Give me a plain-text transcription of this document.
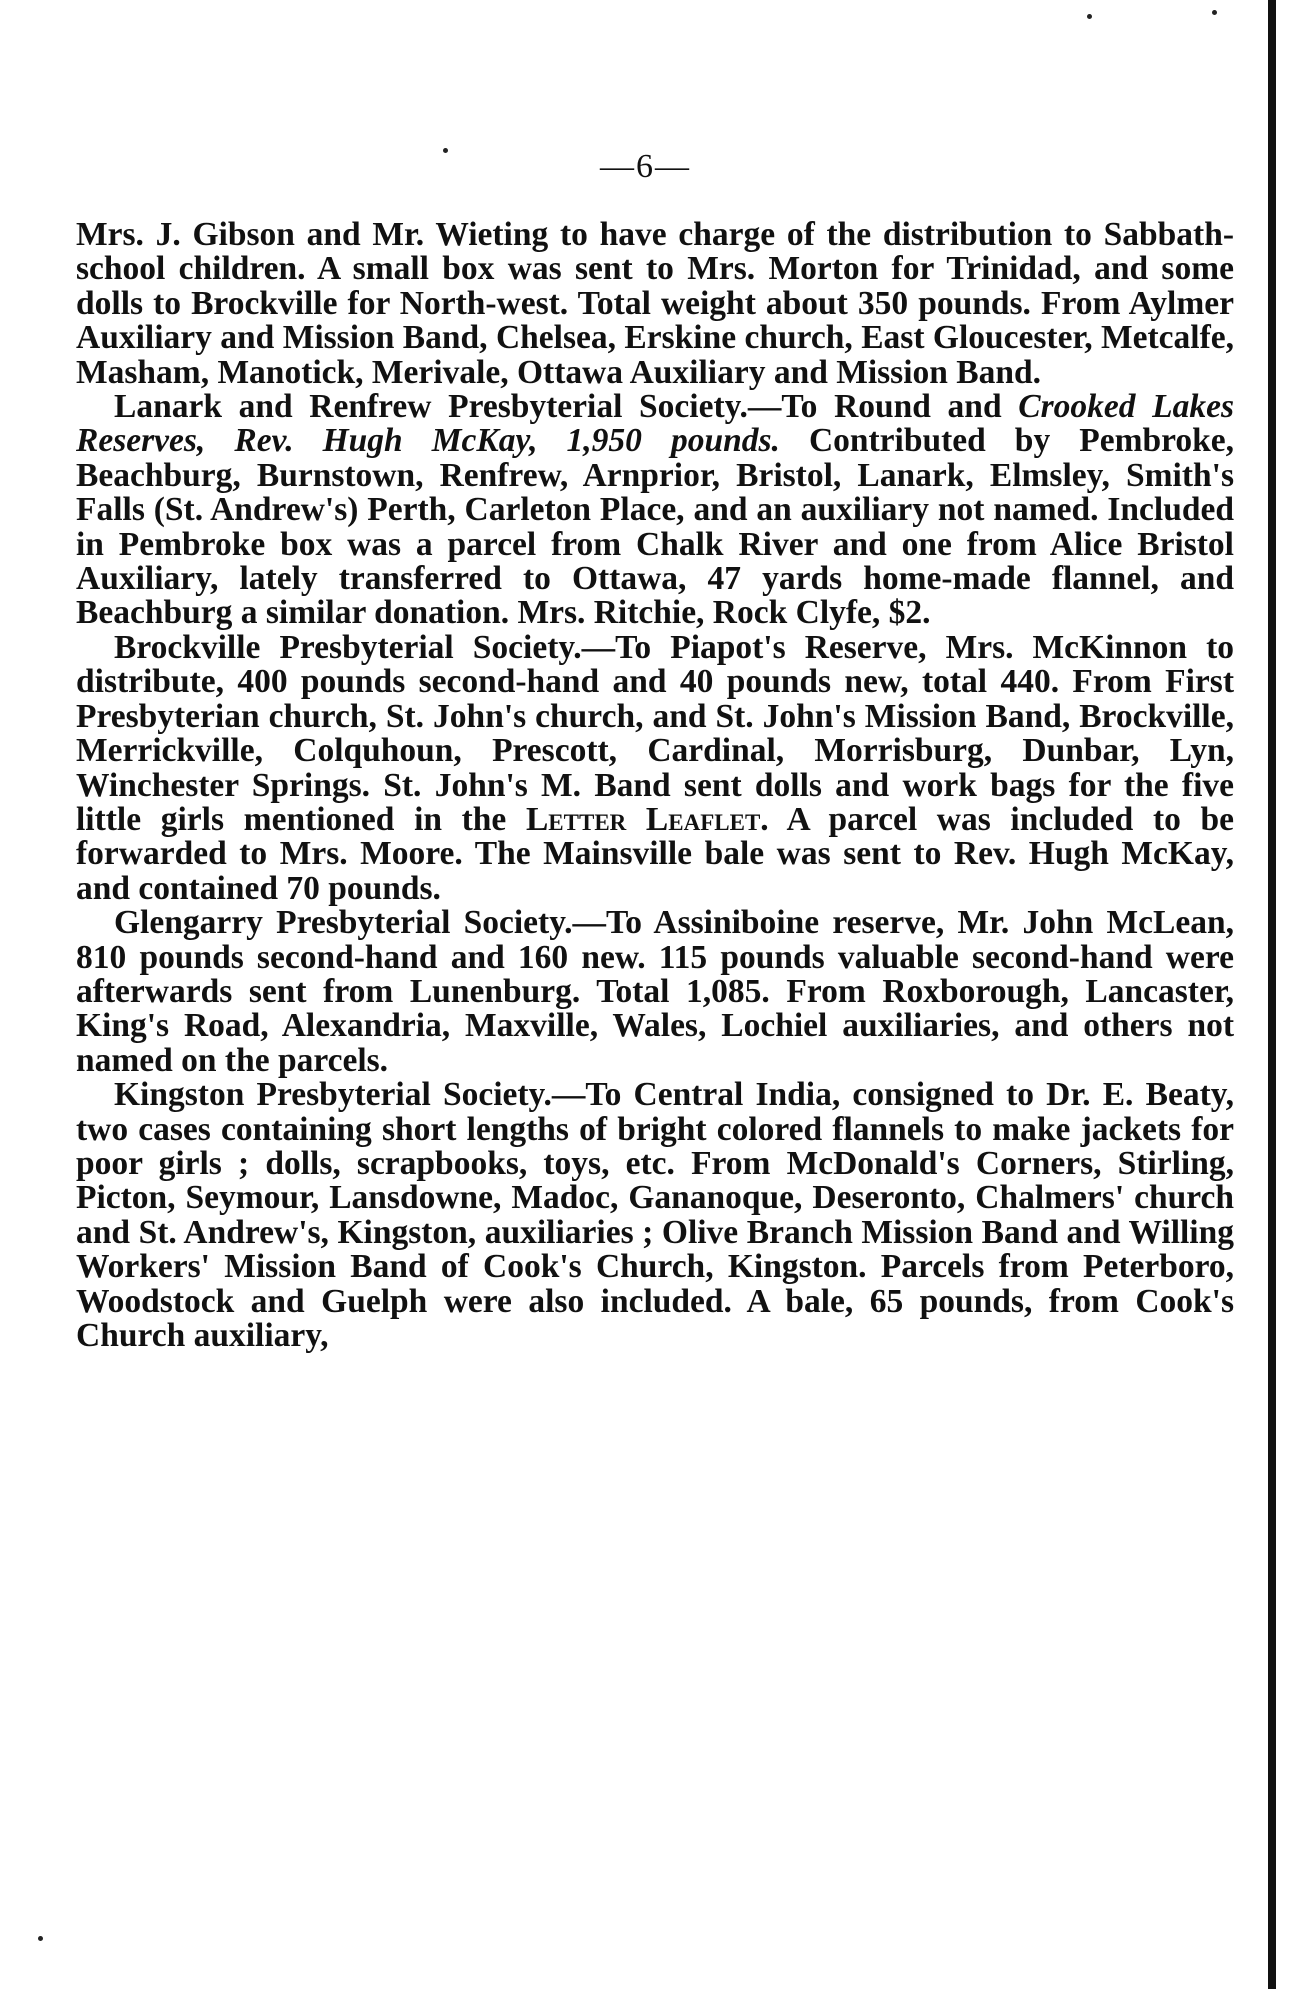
—6—

Mrs. J. Gibson and Mr. Wieting to have charge of the distribution to Sabbath-school children. A small box was sent to Mrs. Morton for Trinidad, and some dolls to Brockville for North-west. Total weight about 350 pounds. From Aylmer Auxiliary and Mission Band, Chelsea, Erskine church, East Gloucester, Metcalfe, Masham, Manotick, Merivale, Ottawa Auxiliary and Mission Band.

Lanark and Renfrew Presbyterial Society.—To Round and Crooked Lakes Reserves, Rev. Hugh McKay, 1,950 pounds. Contributed by Pembroke, Beachburg, Burnstown, Renfrew, Arnprior, Bristol, Lanark, Elmsley, Smith's Falls (St. Andrew's) Perth, Carleton Place, and an auxiliary not named. Included in Pembroke box was a parcel from Chalk River and one from Alice Bristol Auxiliary, lately transferred to Ottawa, 47 yards home-made flannel, and Beachburg a similar donation. Mrs. Ritchie, Rock Clyfe, $2.

Brockville Presbyterial Society.—To Piapot's Reserve, Mrs. McKinnon to distribute, 400 pounds second-hand and 40 pounds new, total 440. From First Presbyterian church, St. John's church, and St. John's Mission Band, Brockville, Merrickville, Colquhoun, Prescott, Cardinal, Morrisburg, Dunbar, Lyn, Winchester Springs. St. John's M. Band sent dolls and work bags for the five little girls mentioned in the Letter Leaflet. A parcel was included to be forwarded to Mrs. Moore. The Mainsville bale was sent to Rev. Hugh McKay, and contained 70 pounds.

Glengarry Presbyterial Society.—To Assiniboine reserve, Mr. John McLean, 810 pounds second-hand and 160 new. 115 pounds valuable second-hand were afterwards sent from Lunenburg. Total 1,085. From Roxborough, Lancaster, King's Road, Alexandria, Maxville, Wales, Lochiel auxiliaries, and others not named on the parcels.

Kingston Presbyterial Society.—To Central India, consigned to Dr. E. Beaty, two cases containing short lengths of bright colored flannels to make jackets for poor girls ; dolls, scrapbooks, toys, etc. From McDonald's Corners, Stirling, Picton, Seymour, Lansdowne, Madoc, Gananoque, Deseronto, Chalmers' church and St. Andrew's, Kingston, auxiliaries ; Olive Branch Mission Band and Willing Workers' Mission Band of Cook's Church, Kingston. Parcels from Peterboro, Woodstock and Guelph were also included. A bale, 65 pounds, from Cook's Church auxiliary,
